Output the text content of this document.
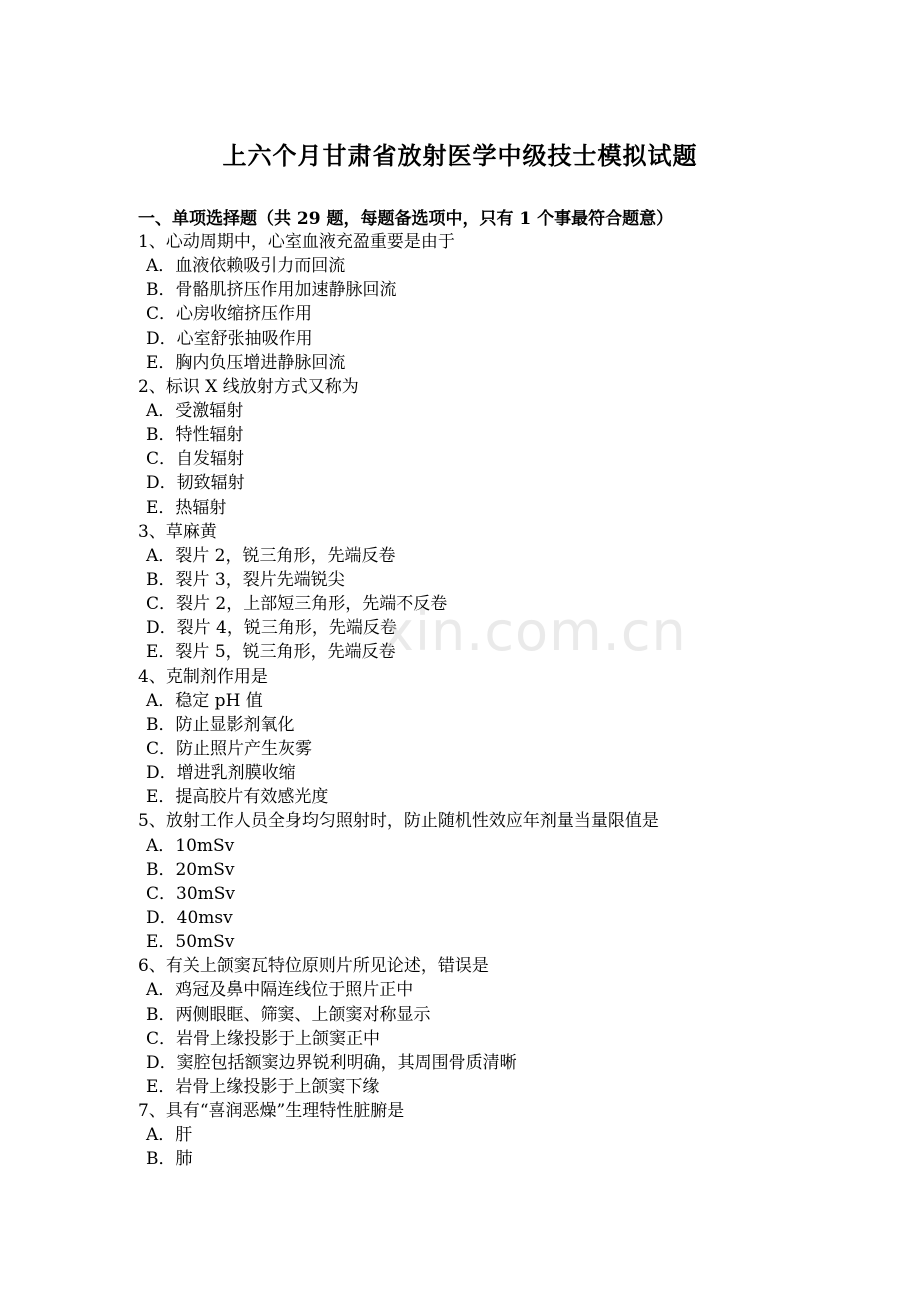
上六个月甘肃省放射医学中级技士模拟试题
一、单项选择题（共 29 题，每题备选项中，只有 1 个事最符合题意）
1、心动周期中，心室血液充盈重要是由于
A．血液依赖吸引力而回流
B．骨骼肌挤压作用加速静脉回流
C．心房收缩挤压作用
D．心室舒张抽吸作用
E．胸内负压增进静脉回流
2、标识 X 线放射方式又称为
A．受激辐射
B．特性辐射
C．自发辐射
D．韧致辐射
E．热辐射
3、草麻黄
A．裂片 2，锐三角形，先端反卷
B．裂片 3，裂片先端锐尖
C．裂片 2，上部短三角形，先端不反卷
D．裂片 4，锐三角形，先端反卷
E．裂片 5，锐三角形，先端反卷
4、克制剂作用是
A．稳定 pH 值
B．防止显影剂氧化
C．防止照片产生灰雾
D．增进乳剂膜收缩
E．提高胶片有效感光度
5、放射工作人员全身均匀照射时，防止随机性效应年剂量当量限值是
A．10mSv
B．20mSv
C．30mSv
D．40msv
E．50mSv
6、有关上颌窦瓦特位原则片所见论述，错误是
A．鸡冠及鼻中隔连线位于照片正中
B．两侧眼眶、筛窦、上颌窦对称显示
C．岩骨上缘投影于上颌窦正中
D．窦腔包括额窦边界锐利明确，其周围骨质清晰
E．岩骨上缘投影于上颌窦下缘
7、具有“喜润恶燥”生理特性脏腑是
A．肝
B．肺
xin.com.cn
